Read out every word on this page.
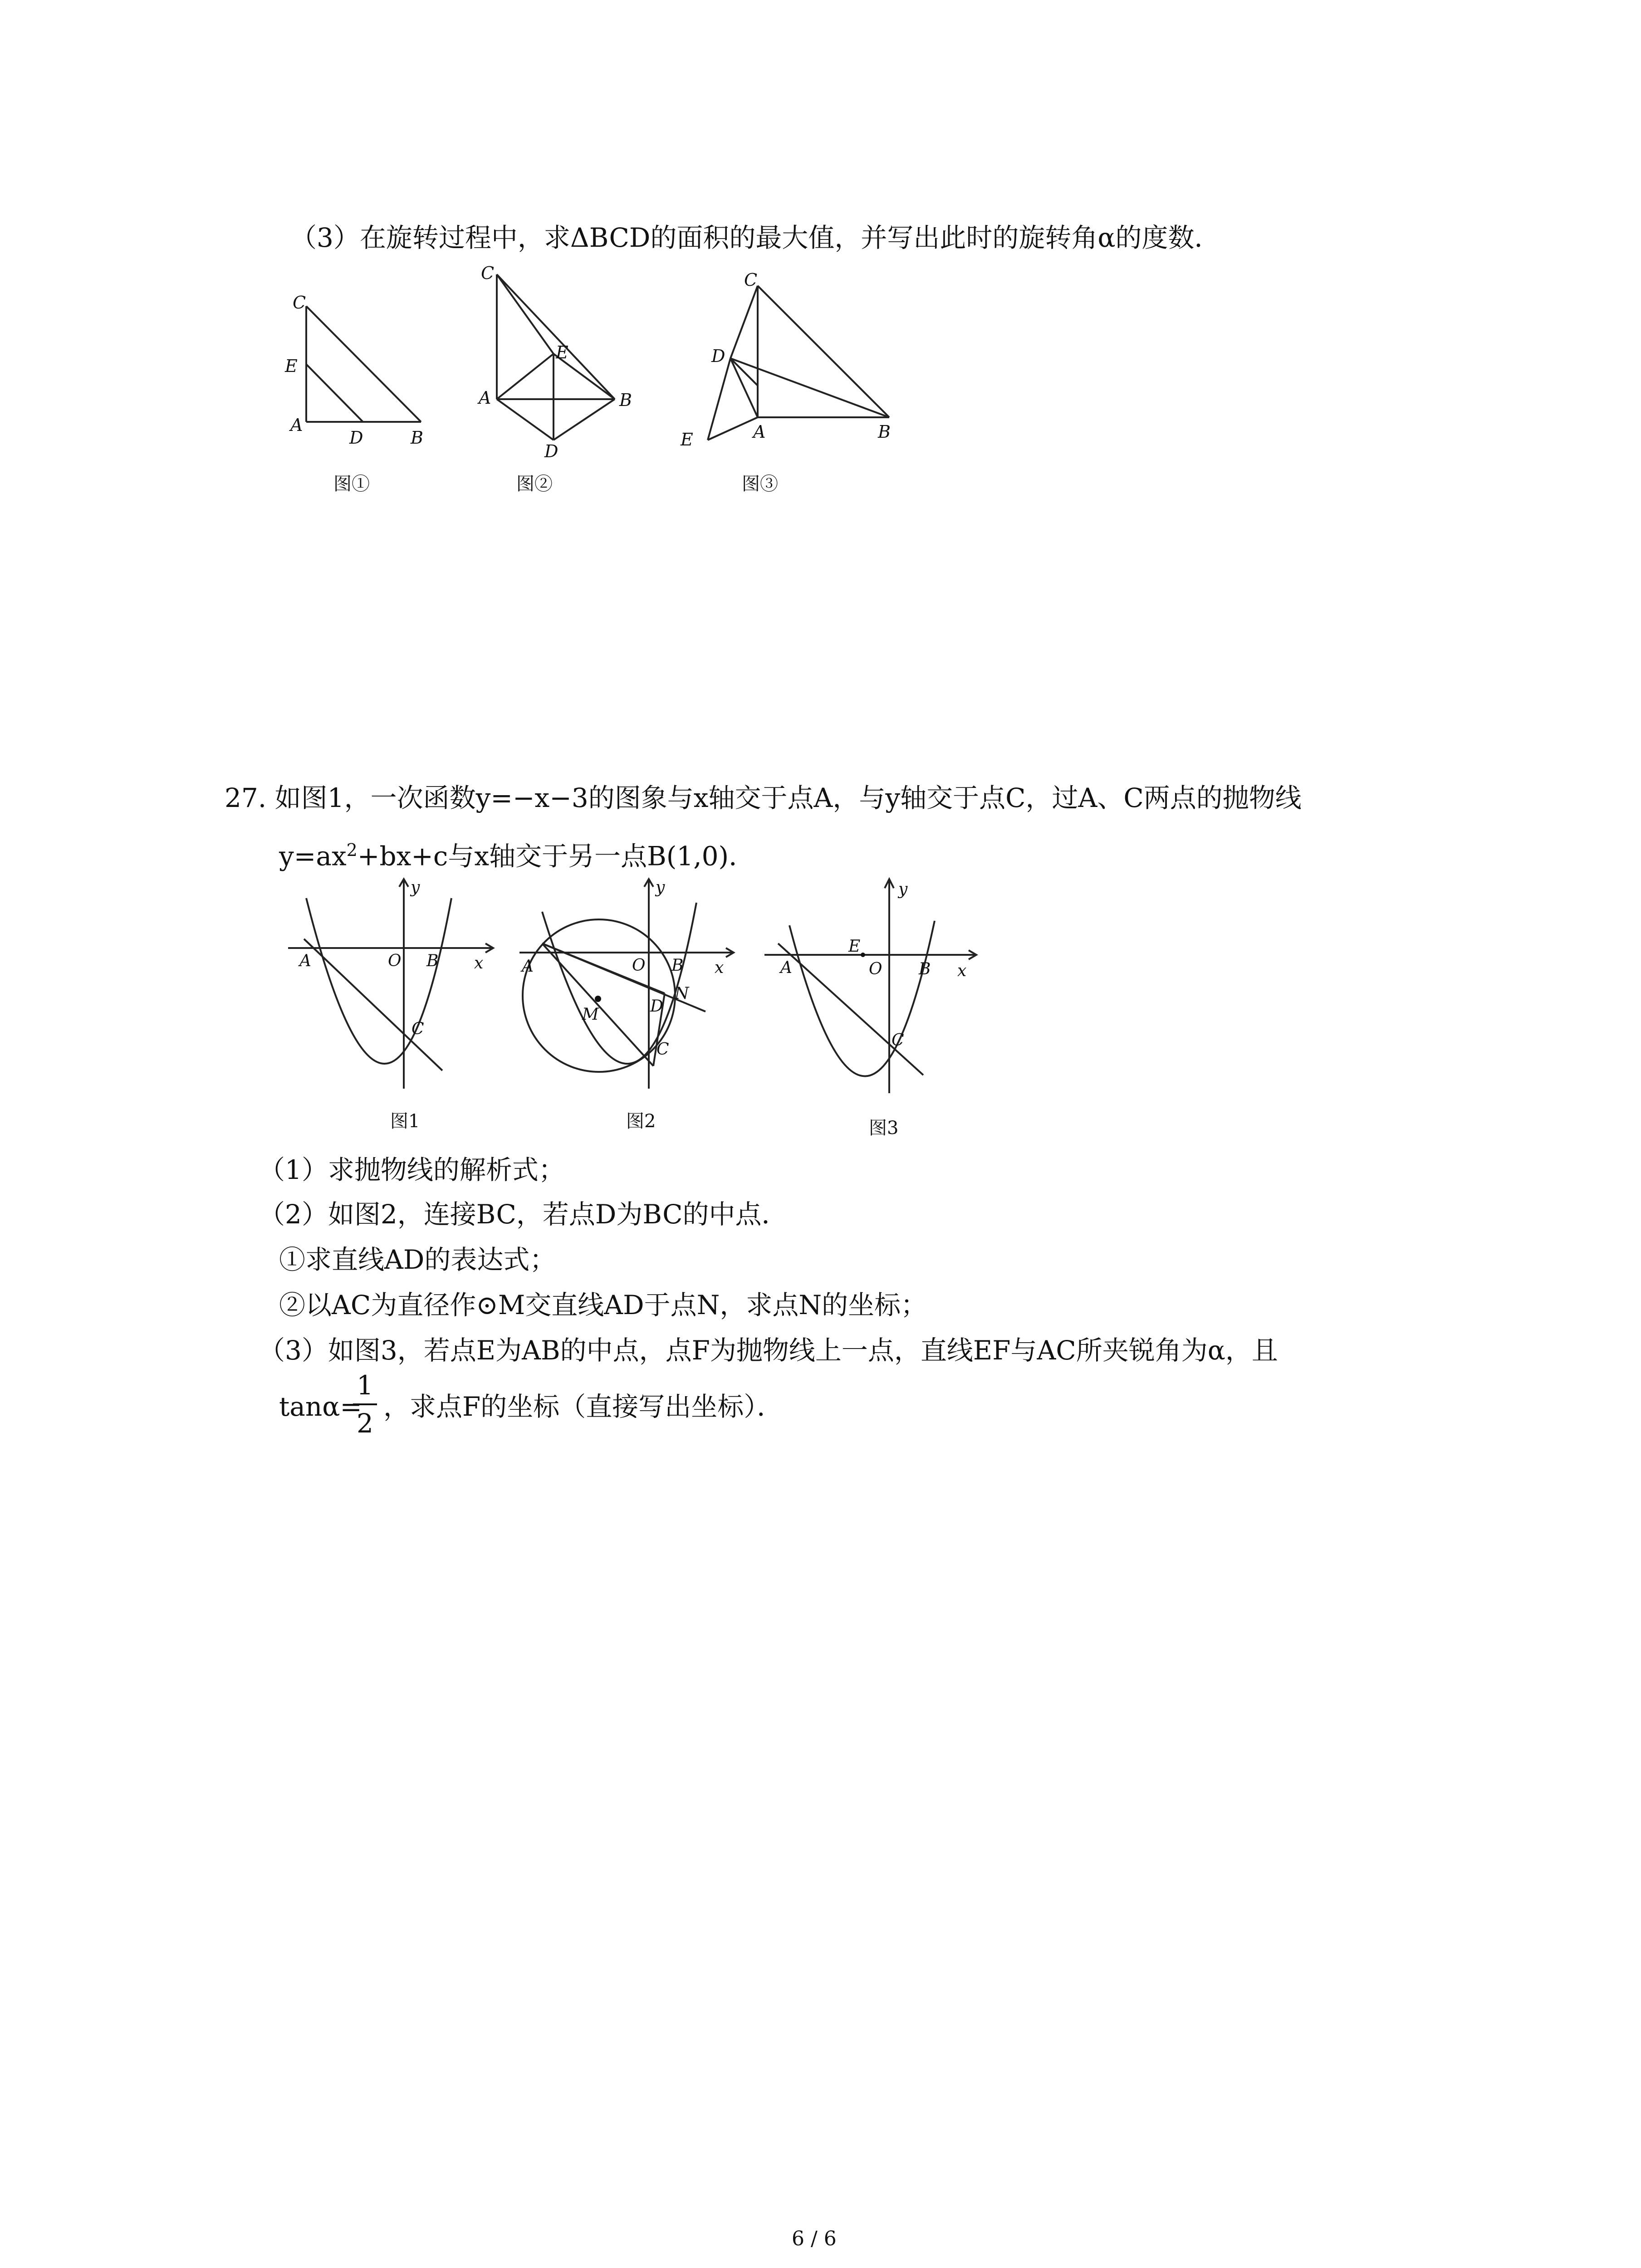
（3）在旋转过程中，求ΔBCD的面积的最大值，并写出此时的旋转角α的度数．
C
E
A
D	B
图①
C
E
A	B
D
图②
C
D
E	A	B
图③
27. 如图1，一次函数y=−x−3的图象与x轴交于点A，与y轴交于点C，过A、C两点的抛物线
$y=ax^2+bx+c$与x轴交于另一点B(1,0)．
y
A	O B x
C
图1
y
A	O B x
N
M	D
C
图2
y
E
A	O B x
C
图3
（1）求抛物线的解析式；
（2）如图2，连接BC，若点D为BC的中点．
①求直线AD的表达式；
②以AC为直径作⊙M交直线AD于点N，求点N的坐标；
（3）如图3，若点E为AB的中点，点F为抛物线上一点，直线EF与AC所夹锐角为α，且
tanα=
$\frac{1}{2}$ ，求点F的坐标（直接写出坐标）．
6 / 6
